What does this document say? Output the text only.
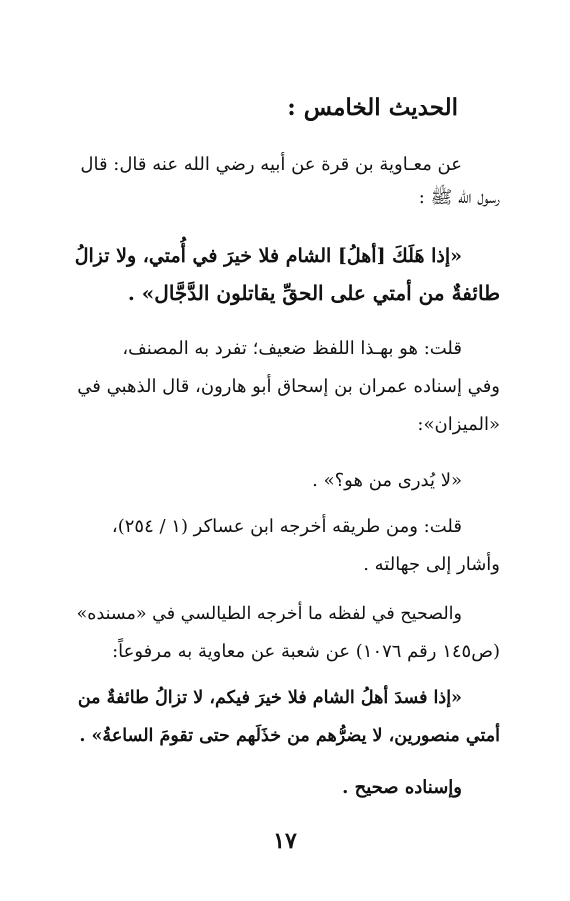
الحديث الخامس :
عن معـاوية بن قرة عن أبيه رضي الله عنه قال: قال
رسول الله ﷺ :
«إذا هَلَكَ [أهلُ] الشام فلا خيرَ في أُمتي، ولا تزالُ
طائفةٌ من أمتي على الحقِّ يقاتلون الدَّجَّال» .
قلت: هو بهـذا اللفظ ضعيف؛ تفرد به المصنف،
وفي إسناده عمران بن إسحاق أبو هارون، قال الذهبي في
«الميزان»:
«لا يُدرى من هو؟» .
قلت: ومن طريقه أخرجه ابن عساكر (١ / ٢٥٤)،
وأشار إلى جهالته .
والصحيح في لفظه ما أخرجه الطيالسي في «مسنده»
(ص١٤٥ رقم ١٠٧٦) عن شعبة عن معاوية به مرفوعاً:
«إذا فسدَ أهلُ الشام فلا خيرَ فيكم، لا تزالُ طائفةٌ من
أمتي منصورين، لا يضرُّهم من خذَلَهم حتى تقومَ الساعةُ» .
وإسناده صحيح .
١٧
